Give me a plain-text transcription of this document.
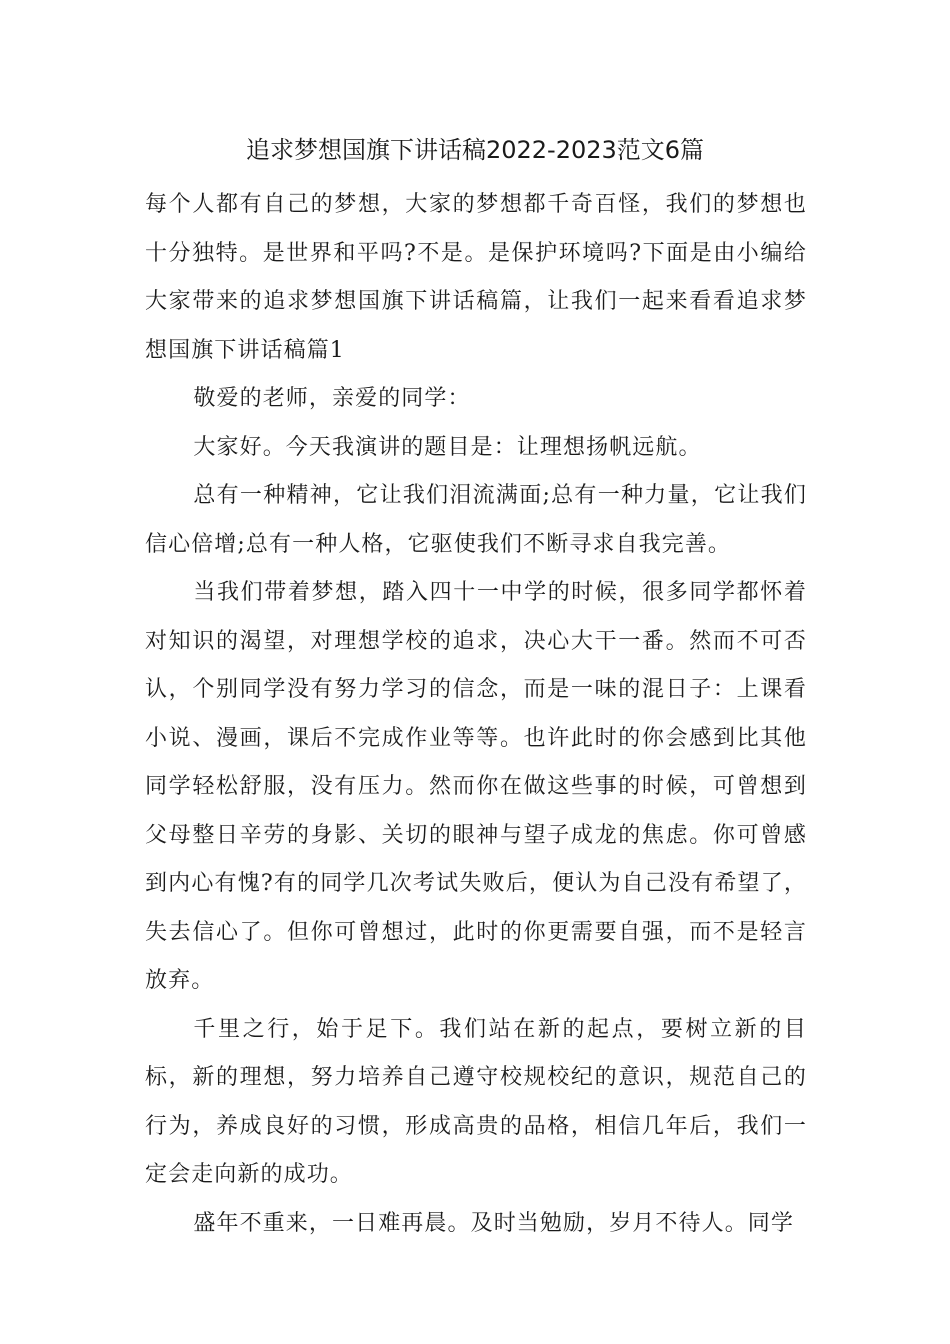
追求梦想国旗下讲话稿2022-2023范文6篇

每个人都有自己的梦想，大家的梦想都千奇百怪，我们的梦想也十分独特。是世界和平吗?不是。是保护环境吗?下面是由小编给大家带来的追求梦想国旗下讲话稿篇，让我们一起来看看追求梦想国旗下讲话稿篇1

敬爱的老师，亲爱的同学：

大家好。今天我演讲的题目是：让理想扬帆远航。

总有一种精神，它让我们泪流满面;总有一种力量，它让我们信心倍增;总有一种人格，它驱使我们不断寻求自我完善。

当我们带着梦想，踏入四十一中学的时候，很多同学都怀着对知识的渴望，对理想学校的追求，决心大干一番。然而不可否认，个别同学没有努力学习的信念，而是一味的混日子：上课看小说、漫画，课后不完成作业等等。也许此时的你会感到比其他同学轻松舒服，没有压力。然而你在做这些事的时候，可曾想到父母整日辛劳的身影、关切的眼神与望子成龙的焦虑。你可曾感到内心有愧?有的同学几次考试失败后，便认为自己没有希望了，失去信心了。但你可曾想过，此时的你更需要自强，而不是轻言放弃。

千里之行，始于足下。我们站在新的起点，要树立新的目标，新的理想，努力培养自己遵守校规校纪的意识，规范自己的行为，养成良好的习惯，形成高贵的品格，相信几年后，我们一定会走向新的成功。

盛年不重来，一日难再晨。及时当勉励，岁月不待人。同学
